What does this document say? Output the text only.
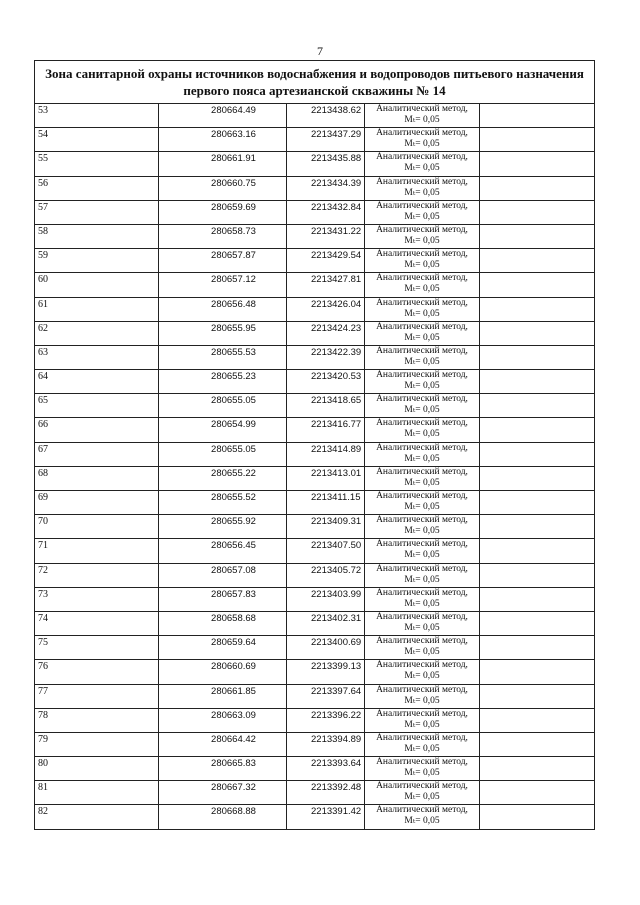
7
Зона санитарной охраны источников водоснабжения и водопроводов питьевого назначения
первого пояса артезианской скважины № 14				
53	280664.49	2213438.62	Аналитический метод,
Mₜ= 0,05	

54	280663.16	2213437.29	Аналитический метод,
Mₜ= 0,05	

55	280661.91	2213435.88	Аналитический метод,
Mₜ= 0,05	

56	280660.75	2213434.39	Аналитический метод,
Mₜ= 0,05	

57	280659.69	2213432.84	Аналитический метод,
Mₜ= 0,05	

58	280658.73	2213431.22	Аналитический метод,
Mₜ= 0,05	

59	280657.87	2213429.54	Аналитический метод,
Mₜ= 0,05	

60	280657.12	2213427.81	Аналитический метод,
Mₜ= 0,05	

61	280656.48	2213426.04	Аналитический метод,
Mₜ= 0,05	

62	280655.95	2213424.23	Аналитический метод,
Mₜ= 0,05	

63	280655.53	2213422.39	Аналитический метод,
Mₜ= 0,05	

64	280655.23	2213420.53	Аналитический метод,
Mₜ= 0,05	

65	280655.05	2213418.65	Аналитический метод,
Mₜ= 0,05	

66	280654.99	2213416.77	Аналитический метод,
Mₜ= 0,05	

67	280655.05	2213414.89	Аналитический метод,
Mₜ= 0,05	

68	280655.22	2213413.01	Аналитический метод,
Mₜ= 0,05	

69	280655.52	2213411.15	Аналитический метод,
Mₜ= 0,05	

70	280655.92	2213409.31	Аналитический метод,
Mₜ= 0,05	

71	280656.45	2213407.50	Аналитический метод,
Mₜ= 0,05	

72	280657.08	2213405.72	Аналитический метод,
Mₜ= 0,05	

73	280657.83	2213403.99	Аналитический метод,
Mₜ= 0,05	

74	280658.68	2213402.31	Аналитический метод,
Mₜ= 0,05	

75	280659.64	2213400.69	Аналитический метод,
Mₜ= 0,05	

76	280660.69	2213399.13	Аналитический метод,
Mₜ= 0,05	

77	280661.85	2213397.64	Аналитический метод,
Mₜ= 0,05	

78	280663.09	2213396.22	Аналитический метод,
Mₜ= 0,05	

79	280664.42	2213394.89	Аналитический метод,
Mₜ= 0,05	

80	280665.83	2213393.64	Аналитический метод,
Mₜ= 0,05	

81	280667.32	2213392.48	Аналитический метод,
Mₜ= 0,05	

82	280668.88	2213391.42	Аналитический метод,
Mₜ= 0,05	
